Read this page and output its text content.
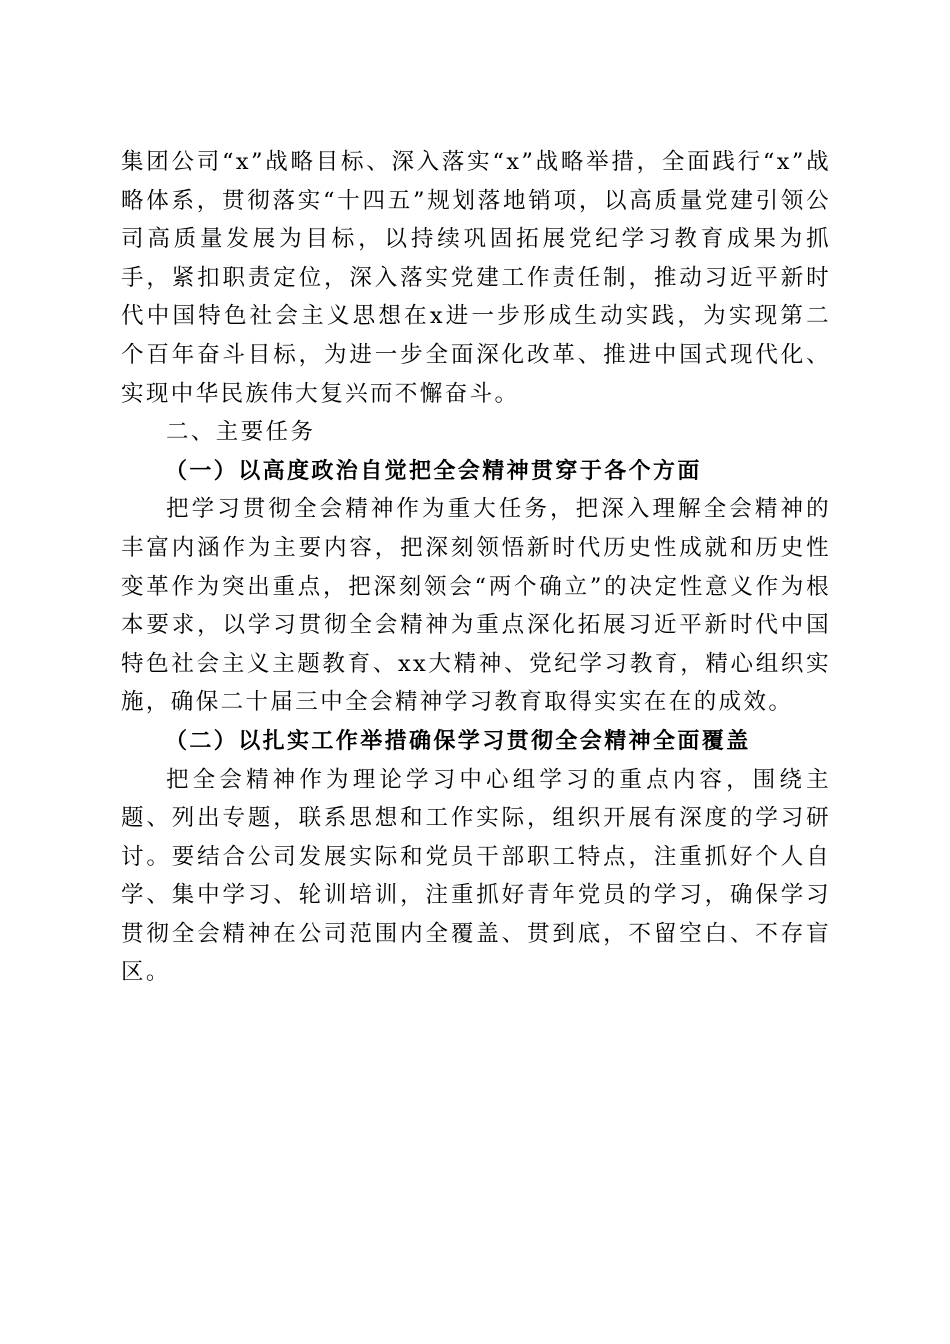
集团公司“x”战略目标、深入落实“x”战略举措，全面践行“x”战略体系，贯彻落实“十四五”规划落地销项，以高质量党建引领公司高质量发展为目标，以持续巩固拓展党纪学习教育成果为抓手，紧扣职责定位，深入落实党建工作责任制，推动习近平新时代中国特色社会主义思想在x进一步形成生动实践，为实现第二个百年奋斗目标，为进一步全面深化改革、推进中国式现代化、实现中华民族伟大复兴而不懈奋斗。

二、主要任务
（一）以高度政治自觉把全会精神贯穿于各个方面

把学习贯彻全会精神作为重大任务，把深入理解全会精神的丰富内涵作为主要内容，把深刻领悟新时代历史性成就和历史性变革作为突出重点，把深刻领会“两个确立”的决定性意义作为根本要求，以学习贯彻全会精神为重点深化拓展习近平新时代中国特色社会主义主题教育、xx大精神、党纪学习教育，精心组织实施，确保二十届三中全会精神学习教育取得实实在在的成效。

（二）以扎实工作举措确保学习贯彻全会精神全面覆盖

把全会精神作为理论学习中心组学习的重点内容，围绕主题、列出专题，联系思想和工作实际，组织开展有深度的学习研讨。要结合公司发展实际和党员干部职工特点，注重抓好个人自学、集中学习、轮训培训，注重抓好青年党员的学习，确保学习贯彻全会精神在公司范围内全覆盖、贯到底，不留空白、不存盲区。
